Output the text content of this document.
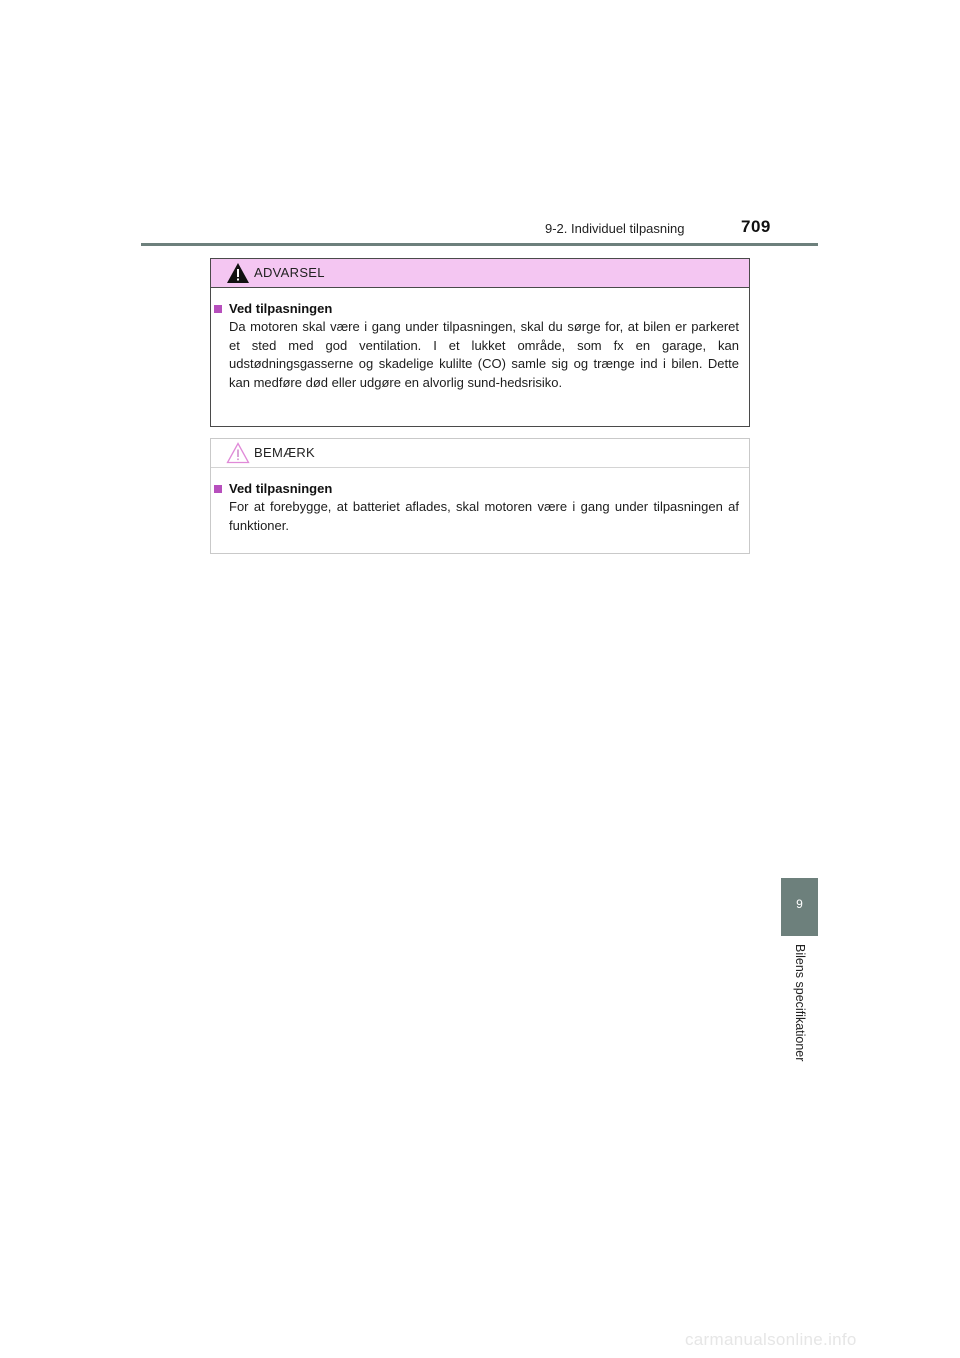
9-2. Individuel tilpasning	709
ADVARSEL
Ved tilpasningen
Da motoren skal være i gang under tilpasningen, skal du sørge for, at bilen er parkeret et sted med god ventilation. I et lukket område, som fx en garage, kan udstødningsgasserne og skadelige kulilte (CO) samle sig og trænge ind i bilen. Dette kan medføre død eller udgøre en alvorlig sund-hedsrisiko.
BEMÆRK
Ved tilpasningen
For at forebygge, at batteriet aflades, skal motoren være i gang under tilpasningen af funktioner.
9
Bilens specifikationer
carmanualsonline.info
